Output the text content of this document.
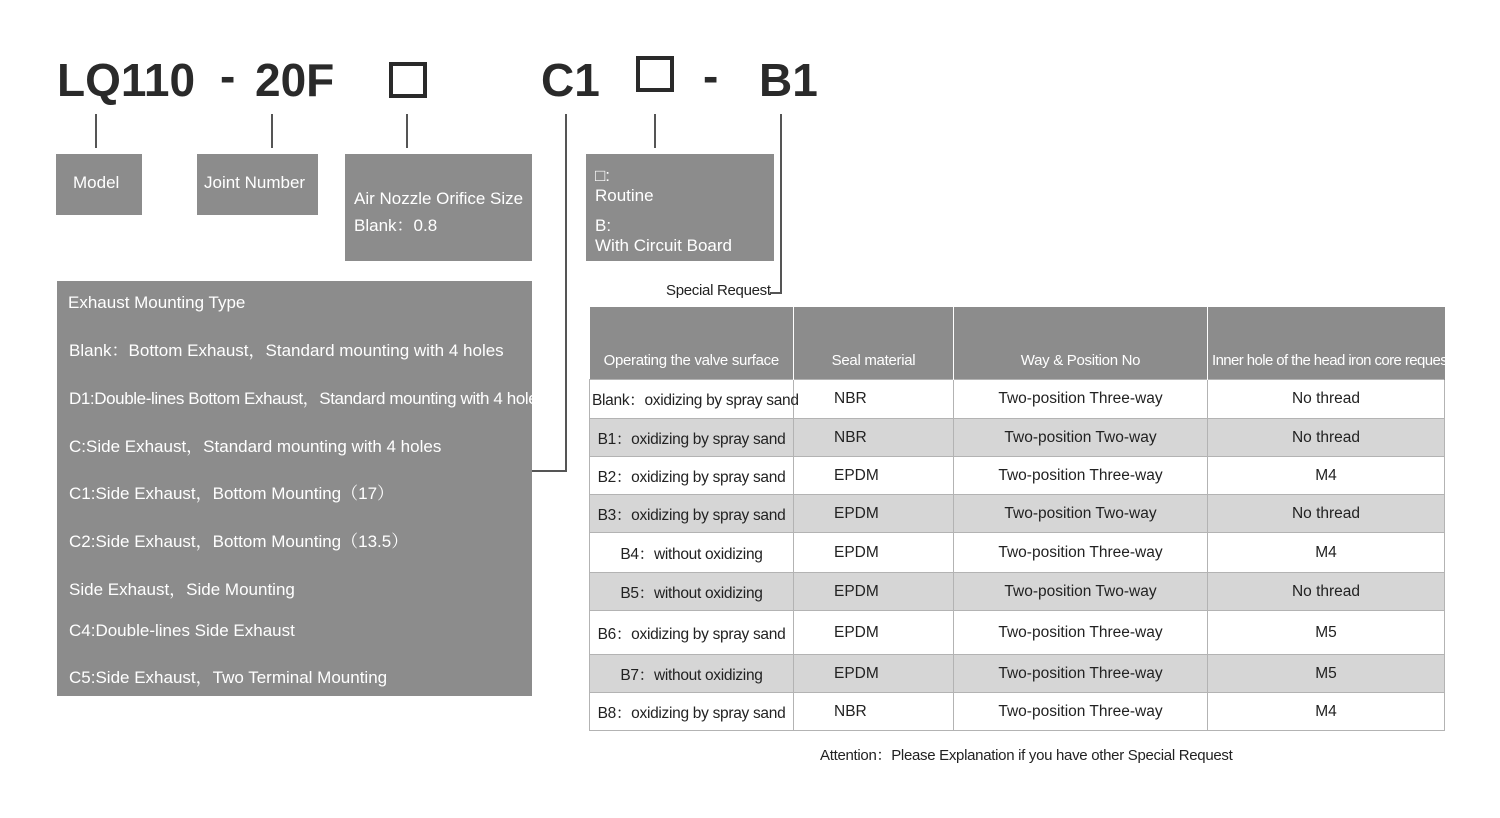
LQ110 - 20F	C1 - B1
Model	Joint Number
Air Nozzle Orifice Size
Blank：0.8
□:
Routine
B:
With Circuit Board
Exhaust Mounting Type
Blank：Bottom Exhaust，Standard mounting with 4 holes
D1:Double-lines Bottom Exhaust，Standard mounting with 4 holes
C:Side Exhaust，Standard mounting with 4 holes
C1:Side Exhaust，Bottom Mounting（17）
C2:Side Exhaust，Bottom Mounting（13.5）
Side Exhaust，Side Mounting
C4:Double-lines Side Exhaust
C5:Side Exhaust，Two Terminal Mounting
Special Request
Operating the valve surface	Seal material	Way & Position No	Inner hole of the head iron core request
Blank：oxidizing by spray sand	NBR	Two-position Three-way	No thread
B1：oxidizing by spray sand	NBR	Two-position Two-way	No thread
B2：oxidizing by spray sand	EPDM	Two-position Three-way	M4
B3：oxidizing by spray sand	EPDM	Two-position Two-way	No thread
B4：without oxidizing	EPDM	Two-position Three-way	M4
B5：without oxidizing	EPDM	Two-position Two-way	No thread
B6：oxidizing by spray sand	EPDM	Two-position Three-way	M5
B7：without oxidizing	EPDM	Two-position Three-way	M5
B8：oxidizing by spray sand	NBR	Two-position Three-way	M4
Attention：Please Explanation if you have other Special Request
